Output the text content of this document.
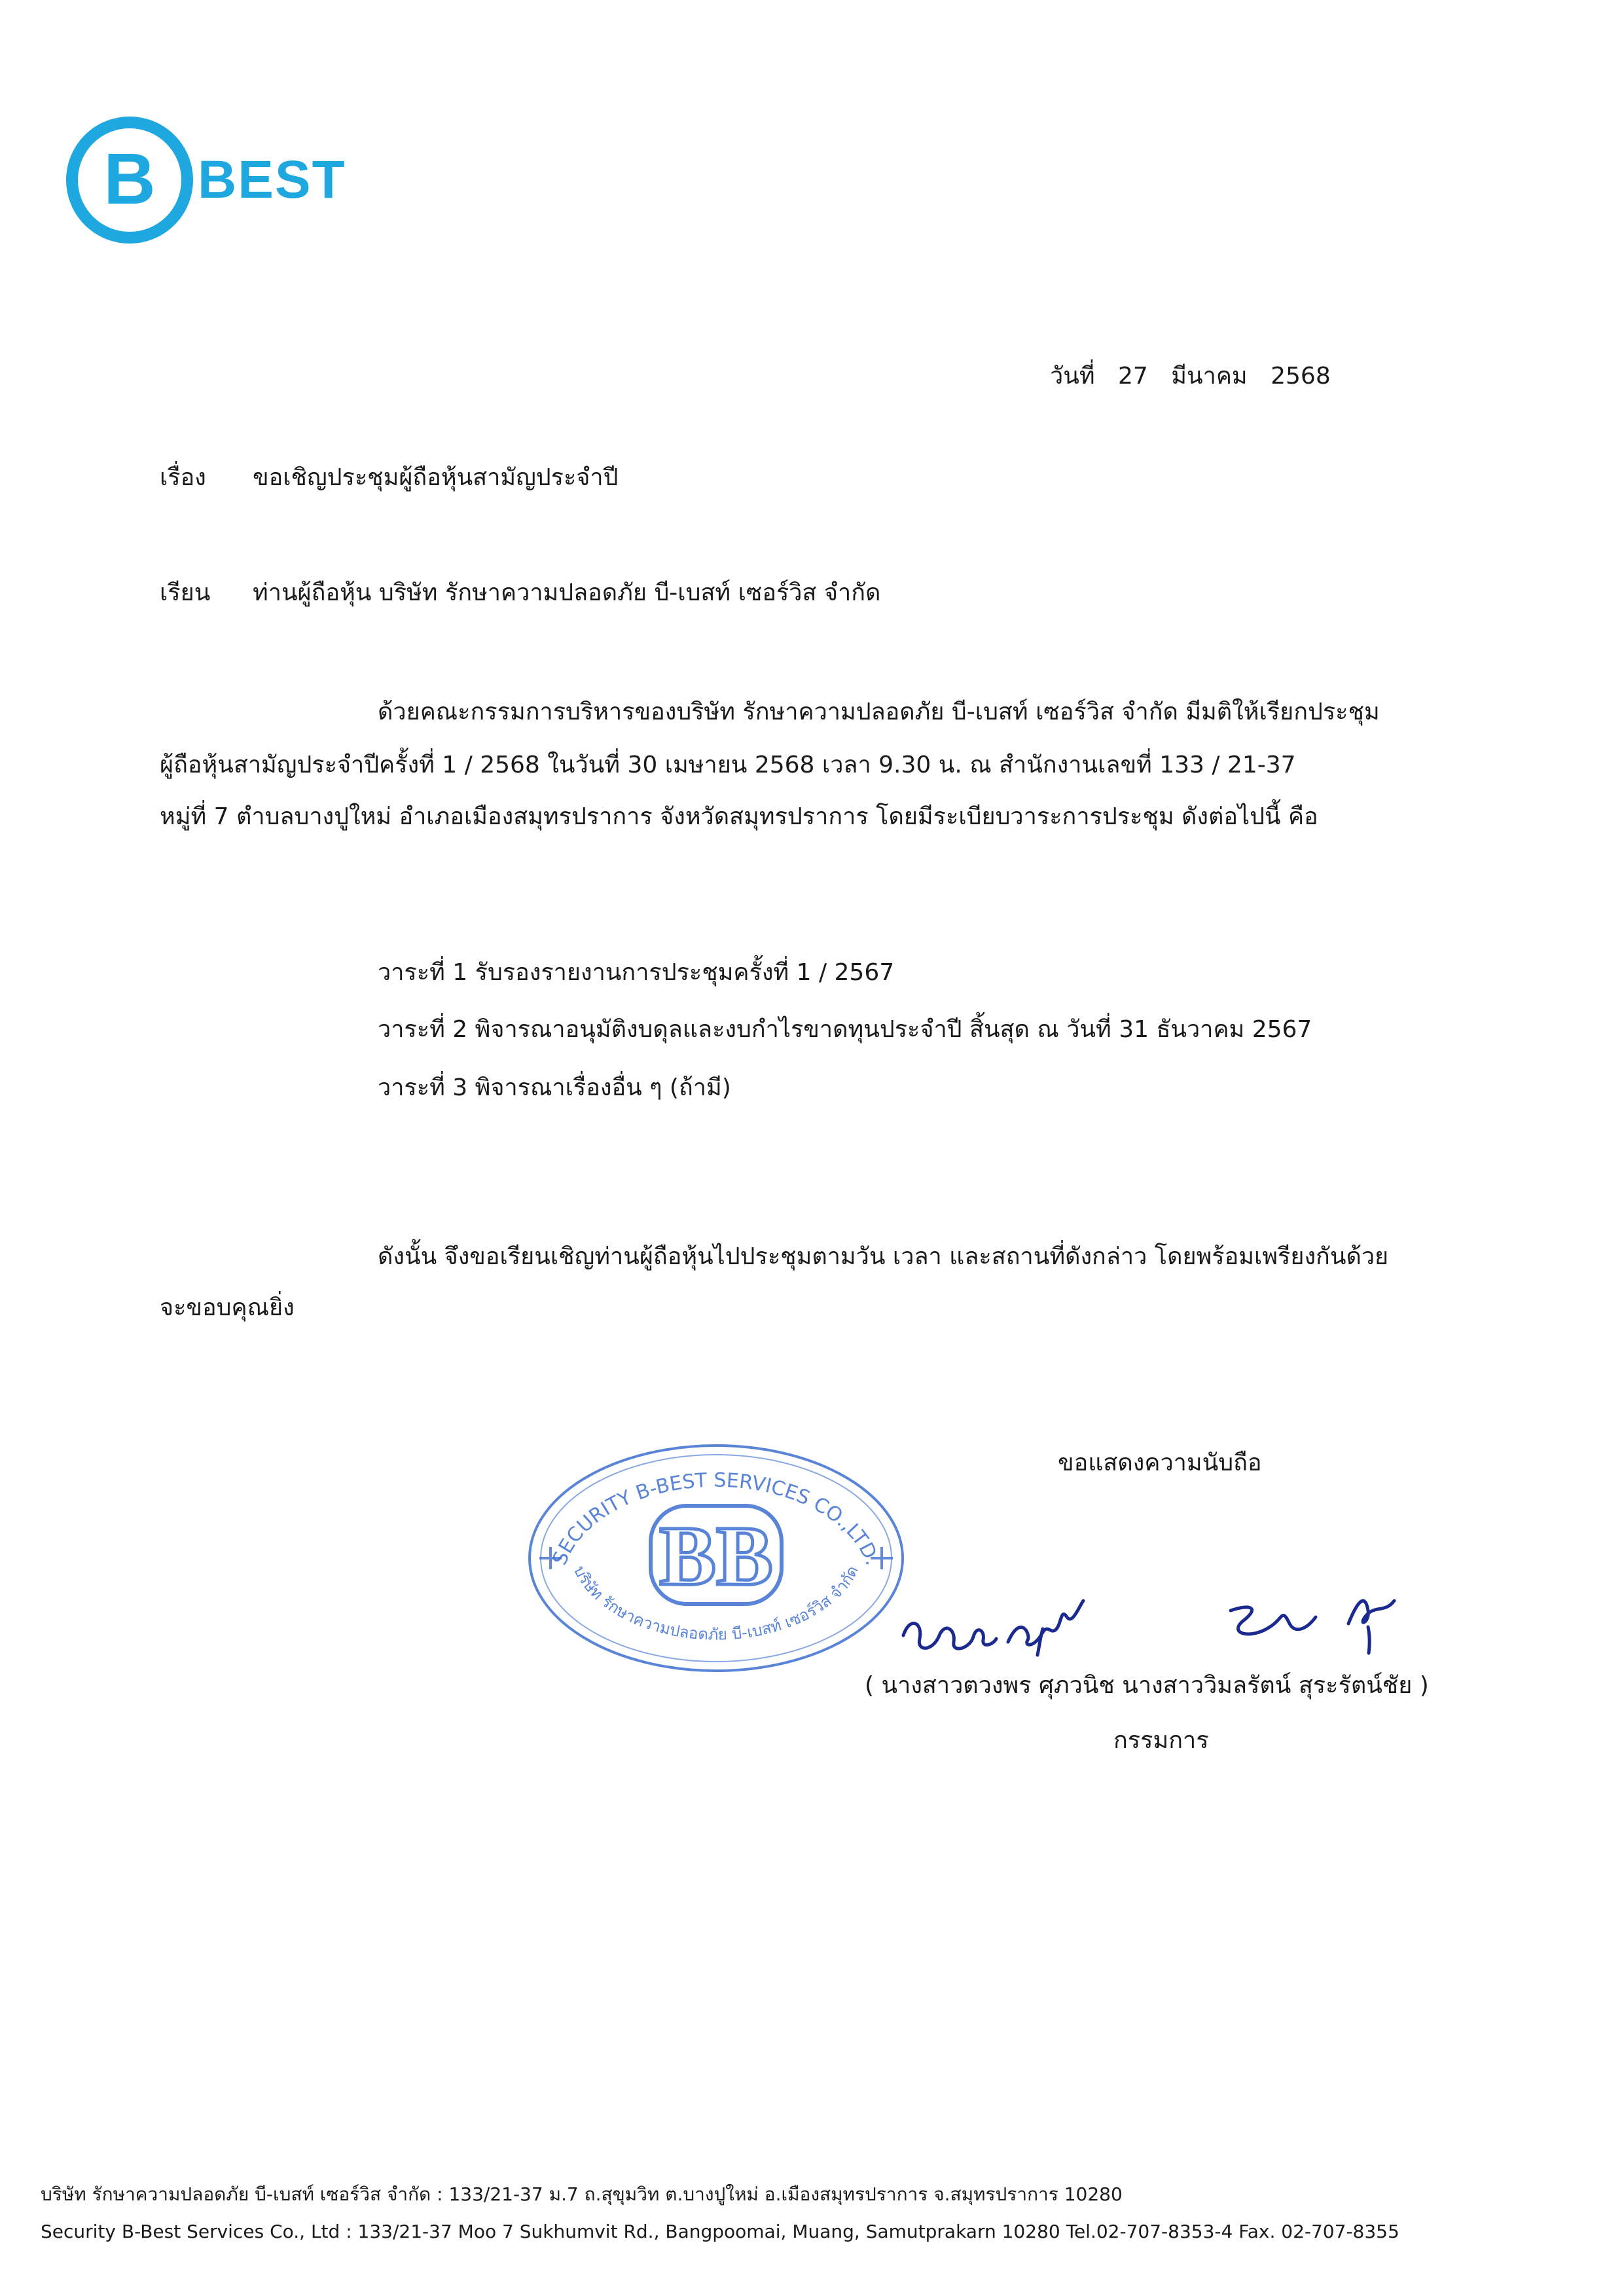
B BEST
วันที่ 27 มีนาคม 2568
เรื่อง ขอเชิญประชุมผู้ถือหุ้นสามัญประจำปี
เรียน ท่านผู้ถือหุ้น บริษัท รักษาความปลอดภัย บี-เบสท์ เซอร์วิส จำกัด
ด้วยคณะกรรมการบริหารของบริษัท รักษาความปลอดภัย บี-เบสท์ เซอร์วิส จำกัด มีมติให้เรียกประชุม
ผู้ถือหุ้นสามัญประจำปีครั้งที่ 1 / 2568 ในวันที่ 30 เมษายน 2568 เวลา 9.30 น. ณ สำนักงานเลขที่ 133 / 21-37
หมู่ที่ 7 ตำบลบางปูใหม่ อำเภอเมืองสมุทรปราการ จังหวัดสมุทรปราการ โดยมีระเบียบวาระการประชุม ดังต่อไปนี้ คือ
วาระที่ 1 รับรองรายงานการประชุมครั้งที่ 1 / 2567
วาระที่ 2 พิจารณาอนุมัติงบดุลและงบกำไรขาดทุนประจำปี สิ้นสุด ณ วันที่ 31 ธันวาคม 2567
วาระที่ 3 พิจารณาเรื่องอื่น ๆ (ถ้ามี)
ดังนั้น จึงขอเรียนเชิญท่านผู้ถือหุ้นไปประชุมตามวัน เวลา และสถานที่ดังกล่าว โดยพร้อมเพรียงกันด้วย
จะขอบคุณยิ่ง
ขอแสดงความนับถือ
SECURITY B-BEST SERVICES CO.,LTD.
บริษัท รักษาความปลอดภัย บี-เบสท์ เซอร์วิส จำกัด
BB
( นางสาวตวงพร ศุภวนิช นางสาววิมลรัตน์ สุระรัตน์ชัย )
กรรมการ
บริษัท รักษาความปลอดภัย บี-เบสท์ เซอร์วิส จำกัด : 133/21-37 ม.7 ถ.สุขุมวิท ต.บางปูใหม่ อ.เมืองสมุทรปราการ จ.สมุทรปราการ 10280
Security B-Best Services Co., Ltd : 133/21-37 Moo 7 Sukhumvit Rd., Bangpoomai, Muang, Samutprakarn 10280 Tel.02-707-8353-4 Fax. 02-707-8355
